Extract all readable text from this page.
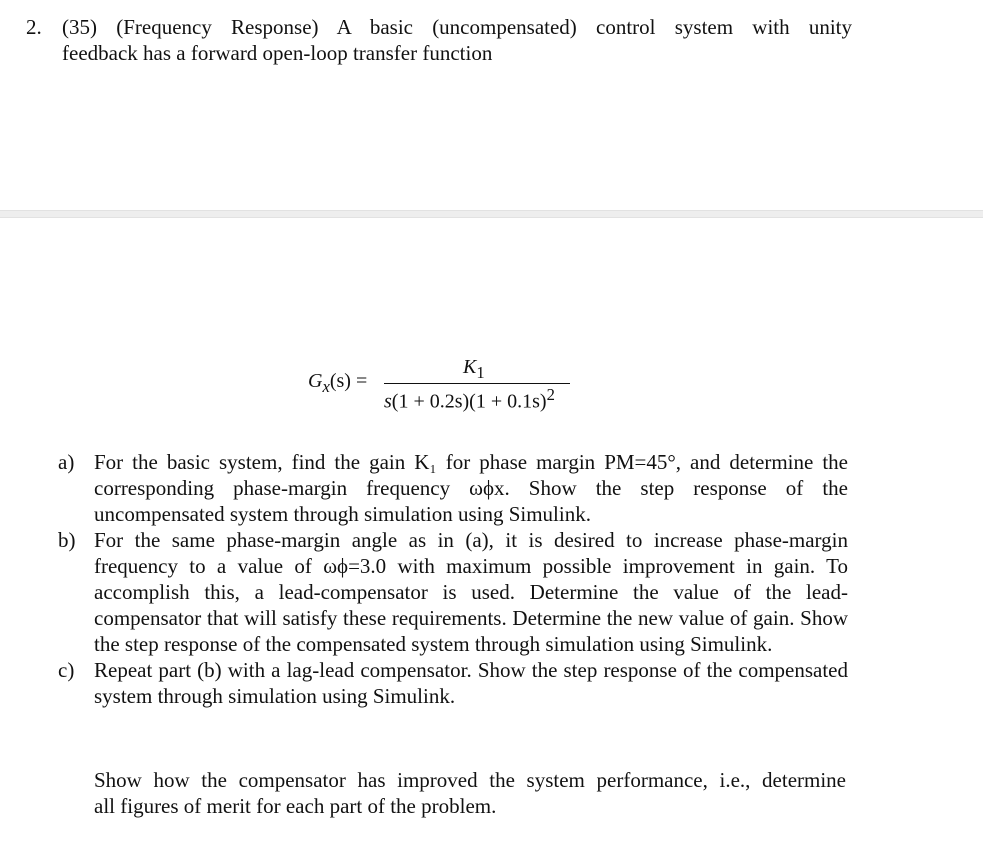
2. (35) (Frequency Response) A basic (uncompensated) control system with unity
feedback has a forward open-loop transfer function
$G_x(s)$ =
$K_1$
$s(1 + 0.2s)(1 + 0.1s)^2$
a) For the basic system, find the gain K₁ for phase margin PM=45°, and determine the corresponding phase-margin frequency ωϕx. Show the step response of the uncompensated system through simulation using Simulink.
b) For the same phase-margin angle as in (a), it is desired to increase phase-margin frequency to a value of ωϕ=3.0 with maximum possible improvement in gain. To accomplish this, a lead-compensator is used. Determine the value of the lead-compensator that will satisfy these requirements. Determine the new value of gain. Show the step response of the compensated system through simulation using Simulink.
c) Repeat part (b) with a lag-lead compensator. Show the step response of the compensated system through simulation using Simulink.
Show how the compensator has improved the system performance, i.e., determine
all figures of merit for each part of the problem.
